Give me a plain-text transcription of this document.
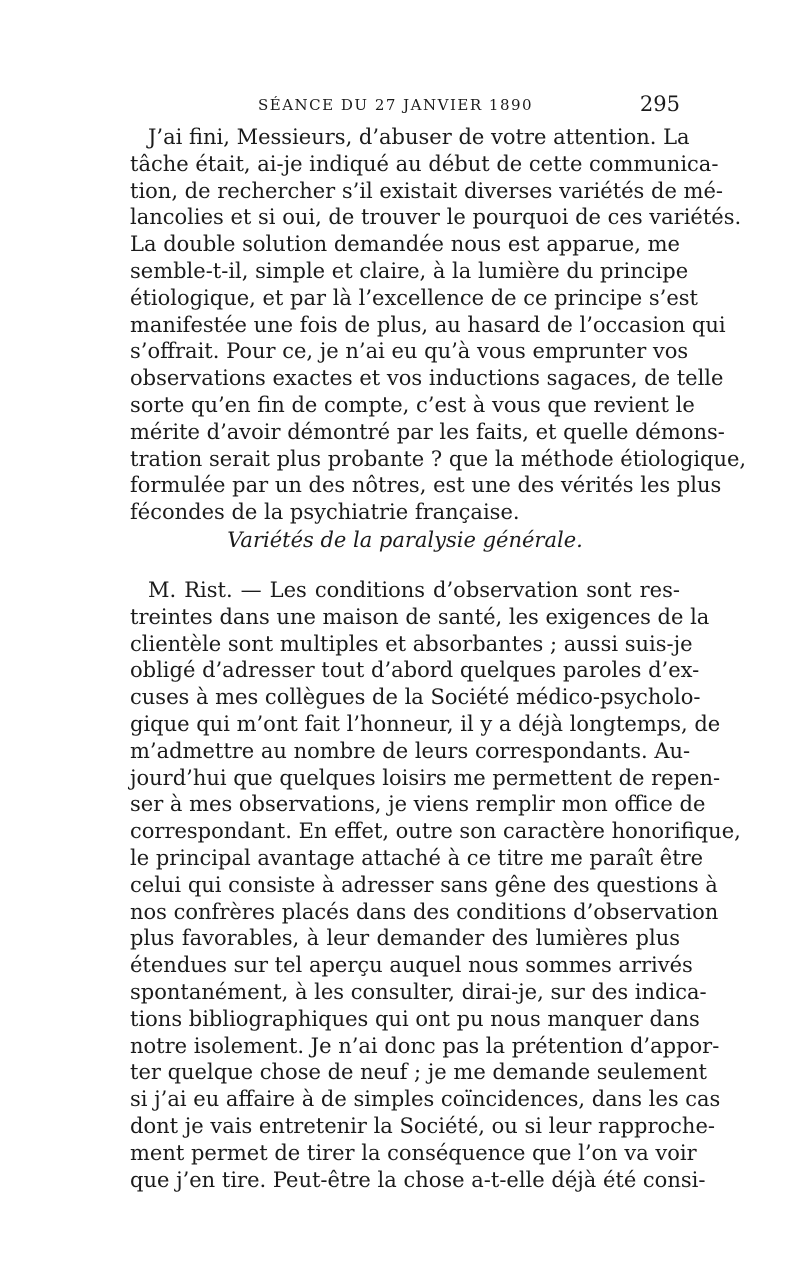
SÉANCE DU 27 JANVIER 1890	295
J’ai fini, Messieurs, d’abuser de votre attention. La
tâche était, ai-je indiqué au début de cette communica-
tion, de rechercher s’il existait diverses variétés de mé-
lancolies et si oui, de trouver le pourquoi de ces variétés.
La double solution demandée nous est apparue, me
semble-t-il, simple et claire, à la lumière du principe
étiologique, et par là l’excellence de ce principe s’est
manifestée une fois de plus, au hasard de l’occasion qui
s’offrait. Pour ce, je n’ai eu qu’à vous emprunter vos
observations exactes et vos inductions sagaces, de telle
sorte qu’en fin de compte, c’est à vous que revient le
mérite d’avoir démontré par les faits, et quelle démons-
tration serait plus probante ? que la méthode étiologique,
formulée par un des nôtres, est une des vérités les plus
fécondes de la psychiatrie française.
Variétés de la paralysie générale.
M. Rist. — Les conditions d’observation sont res-
treintes dans une maison de santé, les exigences de la
clientèle sont multiples et absorbantes ; aussi suis-je
obligé d’adresser tout d’abord quelques paroles d’ex-
cuses à mes collègues de la Société médico-psycholo-
gique qui m’ont fait l’honneur, il y a déjà longtemps, de
m’admettre au nombre de leurs correspondants. Au-
jourd’hui que quelques loisirs me permettent de repen-
ser à mes observations, je viens remplir mon office de
correspondant. En effet, outre son caractère honorifique,
le principal avantage attaché à ce titre me paraît être
celui qui consiste à adresser sans gêne des questions à
nos confrères placés dans des conditions d’observation
plus favorables, à leur demander des lumières plus
étendues sur tel aperçu auquel nous sommes arrivés
spontanément, à les consulter, dirai-je, sur des indica-
tions bibliographiques qui ont pu nous manquer dans
notre isolement. Je n’ai donc pas la prétention d’appor-
ter quelque chose de neuf ; je me demande seulement
si j’ai eu affaire à de simples coïncidences, dans les cas
dont je vais entretenir la Société, ou si leur rapproche-
ment permet de tirer la conséquence que l’on va voir
que j’en tire. Peut-être la chose a-t-elle déjà été consi-
